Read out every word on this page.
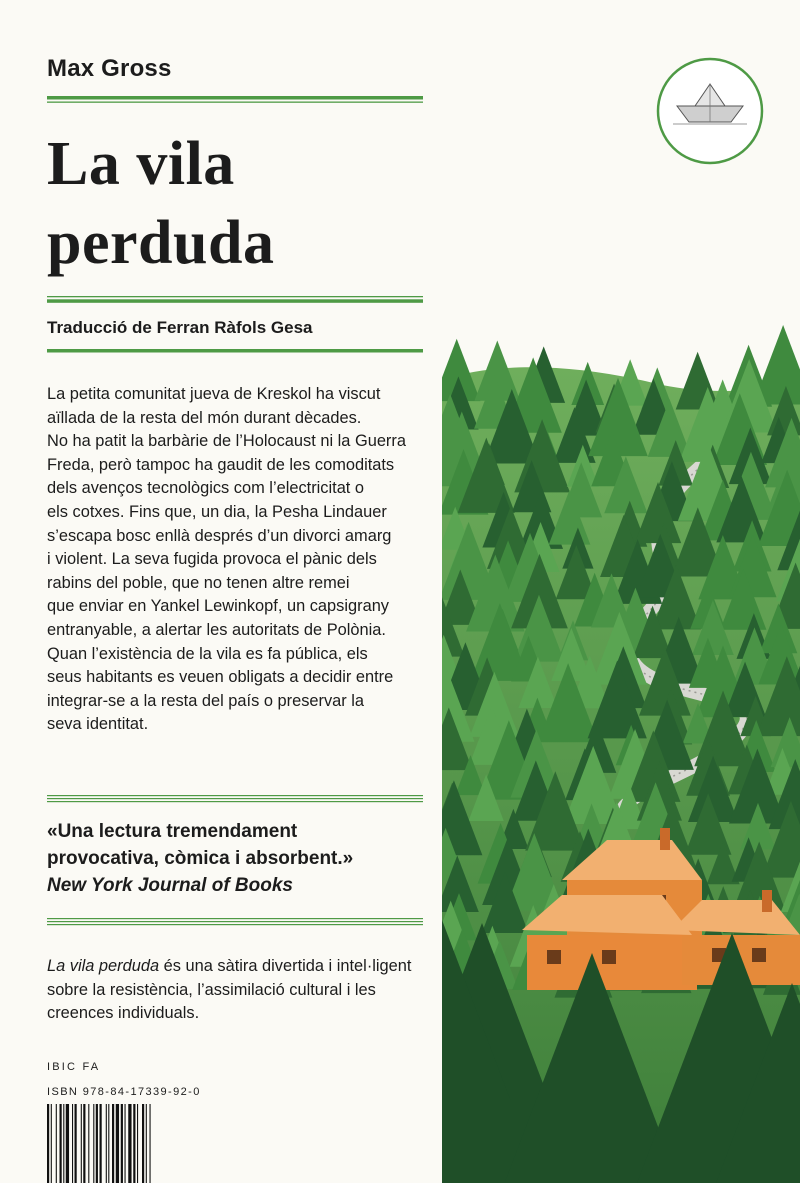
Max Gross
La vila
perduda
Traducció de Ferran Ràfols Gesa
La petita comunitat jueva de Kreskol ha viscut
aïllada de la resta del món durant dècades.
No ha patit la barbàrie de l’Holocaust ni la Guerra
Freda, però tampoc ha gaudit de les comoditats
dels avenços tecnològics com l’electricitat o
els cotxes. Fins que, un dia, la Pesha Lindauer
s’escapa bosc enllà després d’un divorci amarg
i violent. La seva fugida provoca el pànic dels
rabins del poble, que no tenen altre remei
que enviar en Yankel Lewinkopf, un capsigrany
entranyable, a alertar les autoritats de Polònia.
Quan l’existència de la vila es fa pública, els
seus habitants es veuen obligats a decidir entre
integrar-se a la resta del país o preservar la
seva identitat.
«Una lectura tremendament
provocativa, còmica i absorbent.»
New York Journal of Books
La vila perduda és una sàtira divertida i intel·ligent
sobre la resistència, l’assimilació cultural i les
creences individuals.
IBIC FA
ISBN 978-84-17339-92-0
